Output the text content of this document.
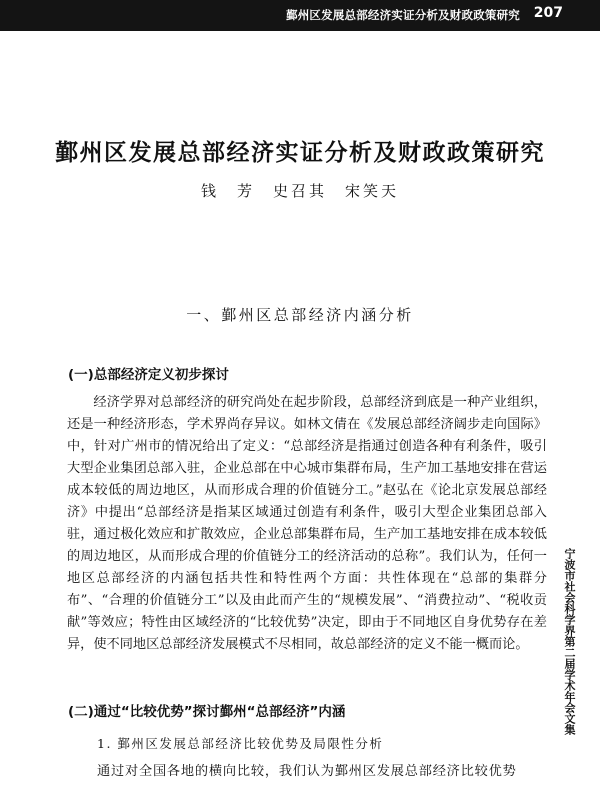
鄞州区发展总部经济实证分析及财政政策研究 207
鄞州区发展总部经济实证分析及财政政策研究
钱　芳　史召其　宋笑天
一、鄞州区总部经济内涵分析
(一)总部经济定义初步探讨

经济学界对总部经济的研究尚处在起步阶段，总部经济到底是一种产业组织，还是一种经济形态，学术界尚存异议。如林文倩在《发展总部经济阔步走向国际》中，针对广州市的情况给出了定义：“总部经济是指通过创造各种有利条件，吸引大型企业集团总部入驻，企业总部在中心城市集群布局，生产加工基地安排在营运成本较低的周边地区，从而形成合理的价值链分工。”赵弘在《论北京发展总部经济》中提出“总部经济是指某区域通过创造有利条件，吸引大型企业集团总部入驻，通过极化效应和扩散效应，企业总部集群布局，生产加工基地安排在成本较低的周边地区，从而形成合理的价值链分工的经济活动的总称”。我们认为，任何一地区总部经济的内涵包括共性和特性两个方面：共性体现在“总部的集群分布”、“合理的价值链分工”以及由此而产生的“规模发展”、“消费拉动”、“税收贡献”等效应；特性由区域经济的“比较优势”决定，即由于不同地区自身优势存在差异，使不同地区总部经济发展模式不尽相同，故总部经济的定义不能一概而论。

(二)通过“比较优势”探讨鄞州“总部经济”内涵
1. 鄞州区发展总部经济比较优势及局限性分析
通过对全国各地的横向比较，我们认为鄞州区发展总部经济比较优势
宁波市社会科学界第二届学术年会文集
